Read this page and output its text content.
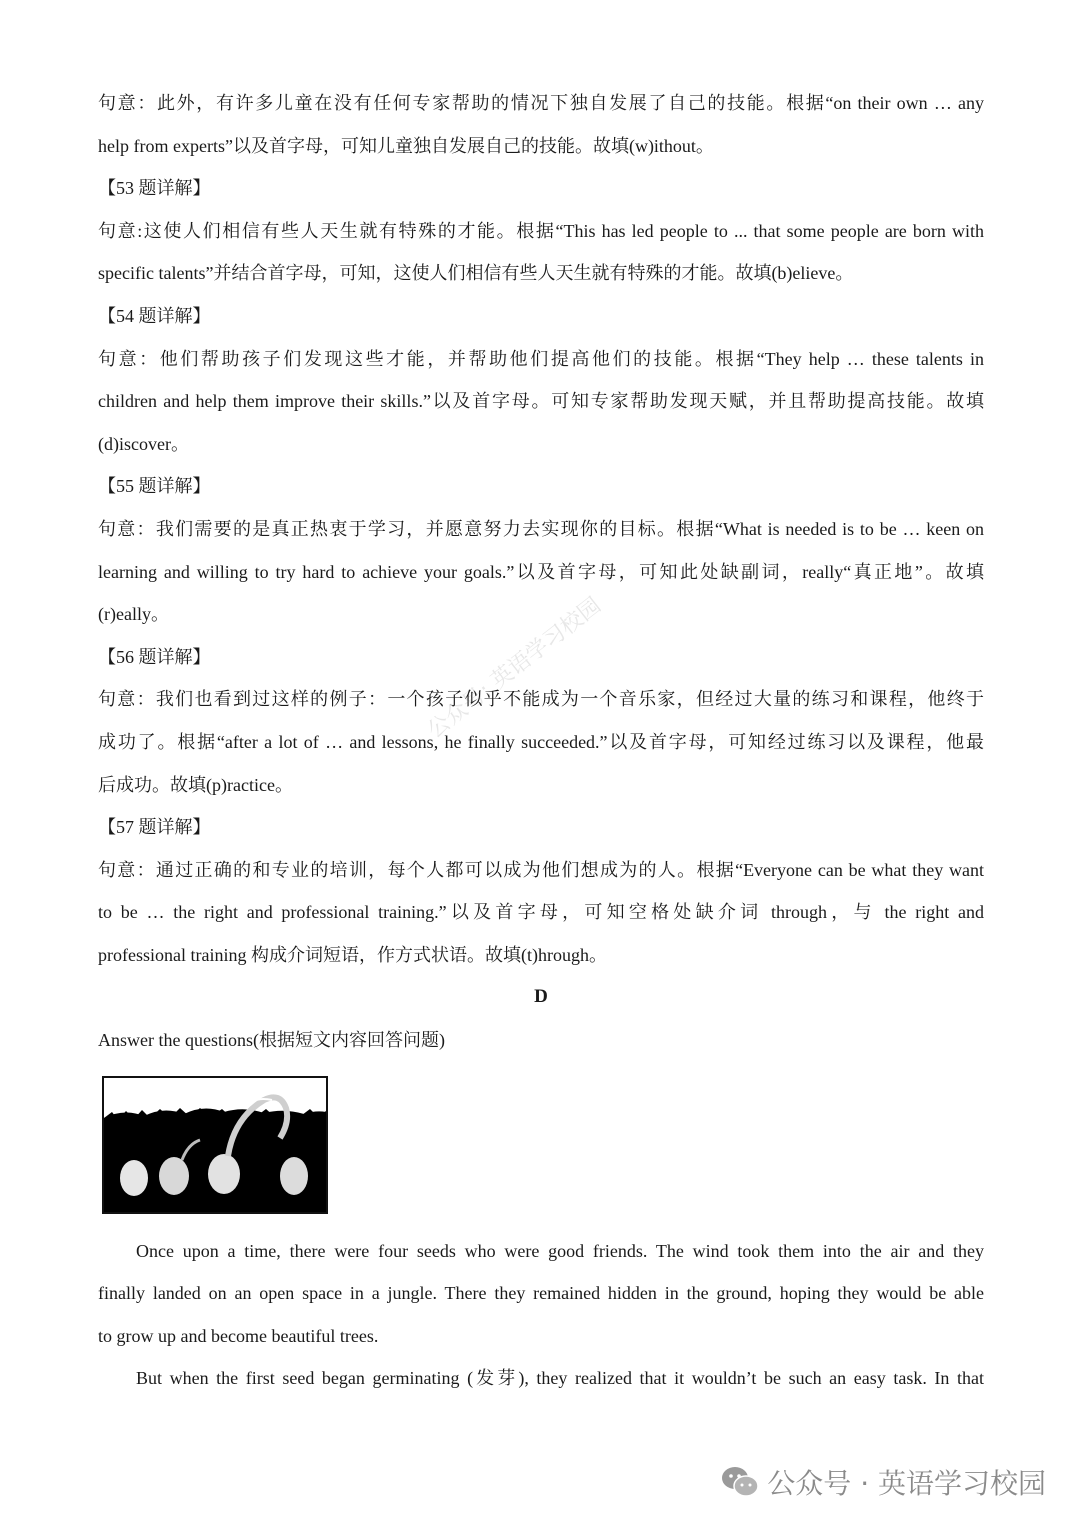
句意：此外，有许多儿童在没有任何专家帮助的情况下独自发展了自己的技能。根据“on their own … any
help from experts”以及首字母，可知儿童独自发展自己的技能。故填(w)ithout。
【53 题详解】
句意:这使人们相信有些人天生就有特殊的才能。根据“This has led people to ... that some people are born with
specific talents”并结合首字母，可知，这使人们相信有些人天生就有特殊的才能。故填(b)elieve。
【54 题详解】
句意：他们帮助孩子们发现这些才能，并帮助他们提高他们的技能。根据“They help … these talents in
children and help them improve their skills.”以及首字母。可知专家帮助发现天赋，并且帮助提高技能。故填
(d)iscover。
【55 题详解】
句意：我们需要的是真正热衷于学习，并愿意努力去实现你的目标。根据“What is needed is to be … keen on
learning and willing to try hard to achieve your goals.”以及首字母，可知此处缺副词，really“真正地”。故填
(r)eally。
【56 题详解】
句意：我们也看到过这样的例子：一个孩子似乎不能成为一个音乐家，但经过大量的练习和课程，他终于
成功了。根据“after a lot of … and lessons, he finally succeeded.”以及首字母，可知经过练习以及课程，他最
后成功。故填(p)ractice。
【57 题详解】
句意：通过正确的和专业的培训，每个人都可以成为他们想成为的人。根据“Everyone can be what they want
to be … the right and professional training.”以及首字母，可知空格处缺介词 through，与 the right and
professional training 构成介词短语，作方式状语。故填(t)hrough。
D
Answer the questions(根据短文内容回答问题)
Once upon a time, there were four seeds who were good friends. The wind took them into the air and they
finally landed on an open space in a jungle. There they remained hidden in the ground, hoping they would be able
to grow up and become beautiful trees.
But when the first seed began germinating (发芽), they realized that it wouldn’t be such an easy task. In that
公众号: 英语学习校园
公众号 · 英语学习校园
